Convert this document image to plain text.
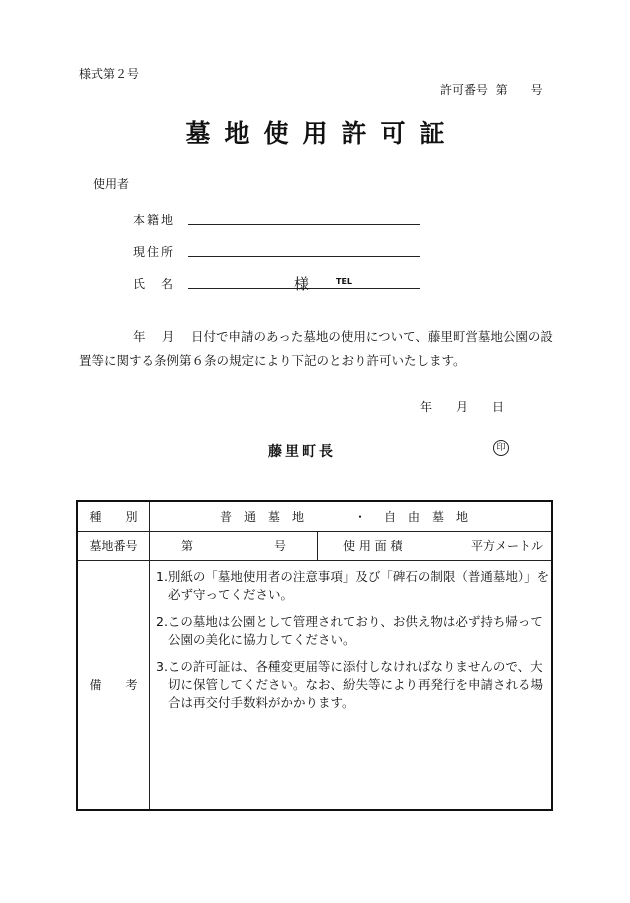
様式第２号
許可番号 第 号
墓地使用許可証
使用者
本籍地
現住所
氏　名	様	TEL
年　 月　 日付で申請のあった墓地の使用について、藤里町営墓地公園の設置等に関する条例第６条の規定により下記のとおり許可いたします。
年　　月　　日
藤里町長	印
種　　別	普　通　墓　地	・ 自　由　墓　地
墓地番号	第	号	使 用 面 積	平方メートル
備　　考
1.別紙の「墓地使用者の注意事項」及び「碑石の制限（普通墓地）」を必ず守ってください。
2.この墓地は公園として管理されており、お供え物は必ず持ち帰って公園の美化に協力してください。
3.この許可証は、各種変更届等に添付しなければなりませんので、大切に保管してください。なお、紛失等により再発行を申請される場合は再交付手数料がかかります。
